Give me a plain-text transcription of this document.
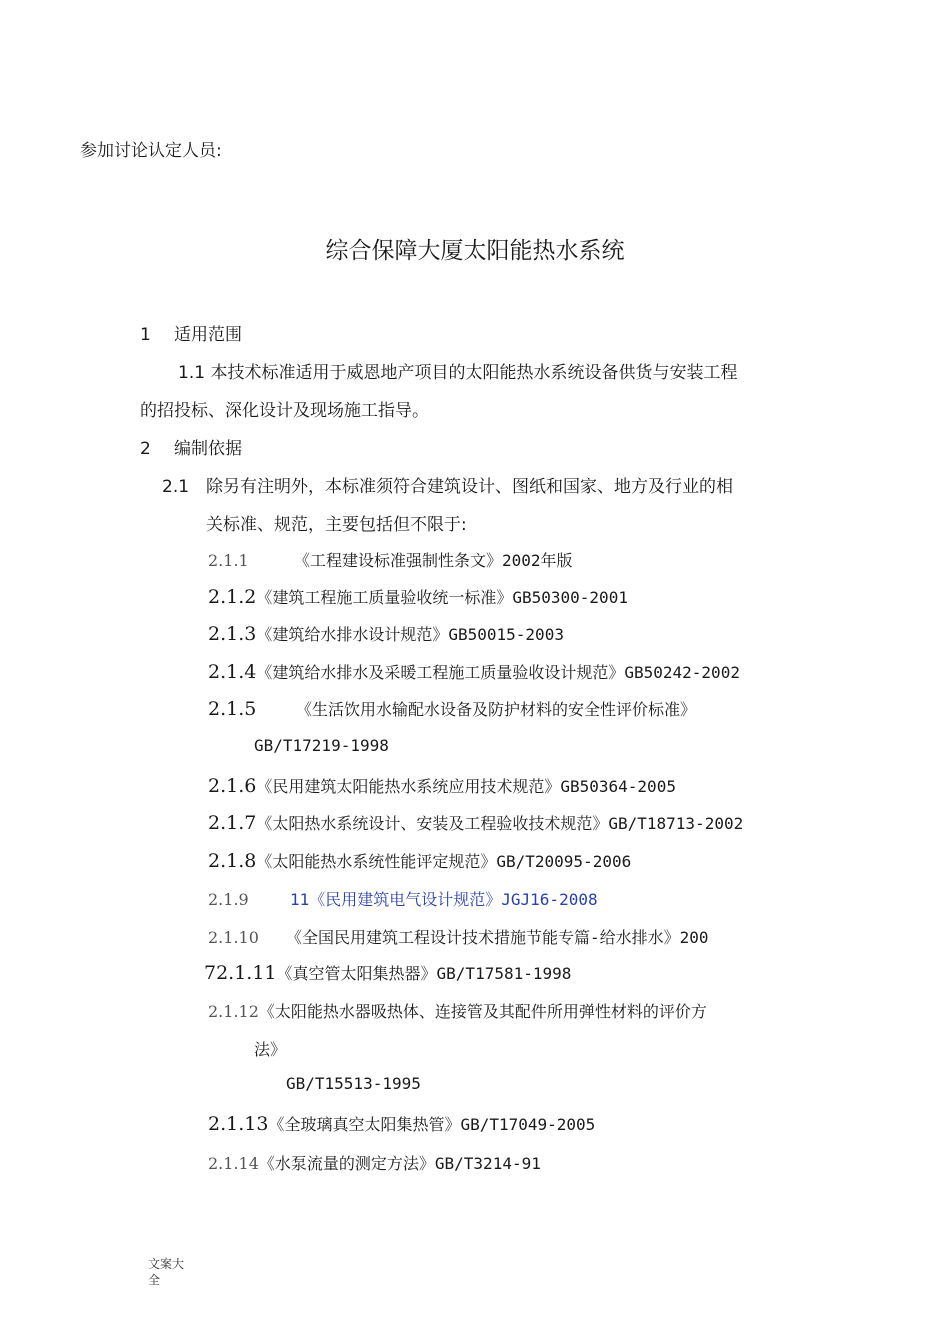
参加讨论认定人员:
综合保障大厦太阳能热水系统
1 适用范围
1.1 本技术标准适用于威恩地产项目的太阳能热水系统设备供货与安装工程
的招投标、深化设计及现场施工指导。
2 编制依据
2.1 除另有注明外，本标准须符合建筑设计、图纸和国家、地方及行业的相
关标准、规范，主要包括但不限于:
2.1.1	《工程建设标准强制性条文》2002年版
2.1.2《建筑工程施工质量验收统一标准》GB50300-2001
2.1.3《建筑给水排水设计规范》GB50015-2003
2.1.4《建筑给水排水及采暖工程施工质量验收设计规范》GB50242-2002
2.1.5 《生活饮用水输配水设备及防护材料的安全性评价标准》
GB/T17219-1998
2.1.6《民用建筑太阳能热水系统应用技术规范》GB50364-2005
2.1.7《太阳热水系统设计、安装及工程验收技术规范》GB/T18713-2002
2.1.8《太阳能热水系统性能评定规范》GB/T20095-2006
2.1.9	11《民用建筑电气设计规范》JGJ16-2008
2.1.10 《全国民用建筑工程设计技术措施节能专篇-给水排水》200
72.1.11《真空管太阳集热器》GB/T17581-1998
2.1.12《太阳能热水器吸热体、连接管及其配件所用弹性材料的评价方
法》
GB/T15513-1995
2.1.13《全玻璃真空太阳集热管》GB/T17049-2005
2.1.14《水泵流量的测定方法》GB/T3214-91
文案大
全
